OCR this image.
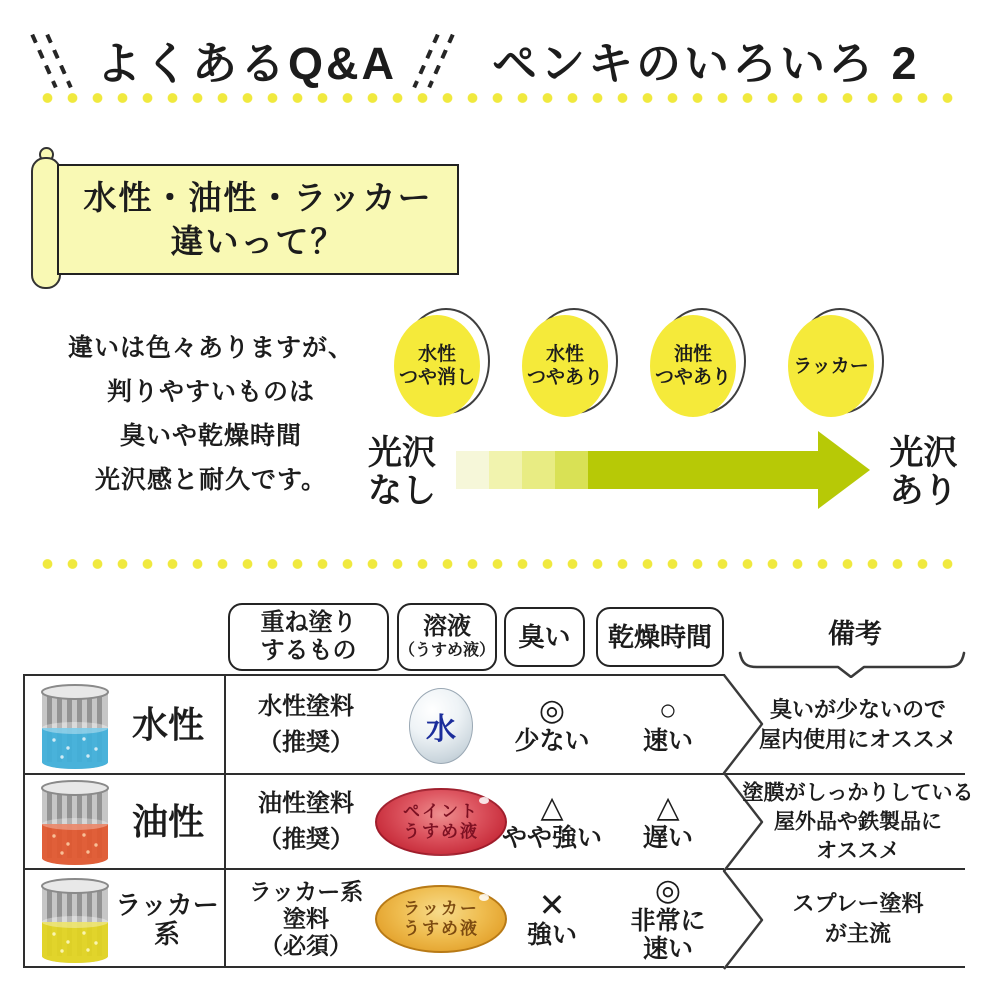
よくあるQ&A ペンキのいろいろ 2
水性・油性・ラッカー
違いって？
違いは色々ありますが、
判りやすいものは
臭いや乾燥時間
光沢感と耐久です。
水性
つや消し
水性
つやあり
油性
つやあり
ラッカー
光沢
なし
光沢
あり
重ね塗り
するもの
溶液
（うすめ液） 臭い 乾燥時間	備考
水性 水性塗料
（推奨） 水
◎
少ない
○
速い
臭いが少ないので
屋内使用にオススメ
油性 油性塗料
（推奨）
ペイント
うすめ液
△
やや強い
△
遅い
塗膜がしっかりしている
屋外品や鉄製品に
オススメ
ラッカー
系
ラッカー系
塗料
（必須）
ラッカー
うすめ液
✕
強い
◎
非常に
速い
スプレー塗料
が主流
